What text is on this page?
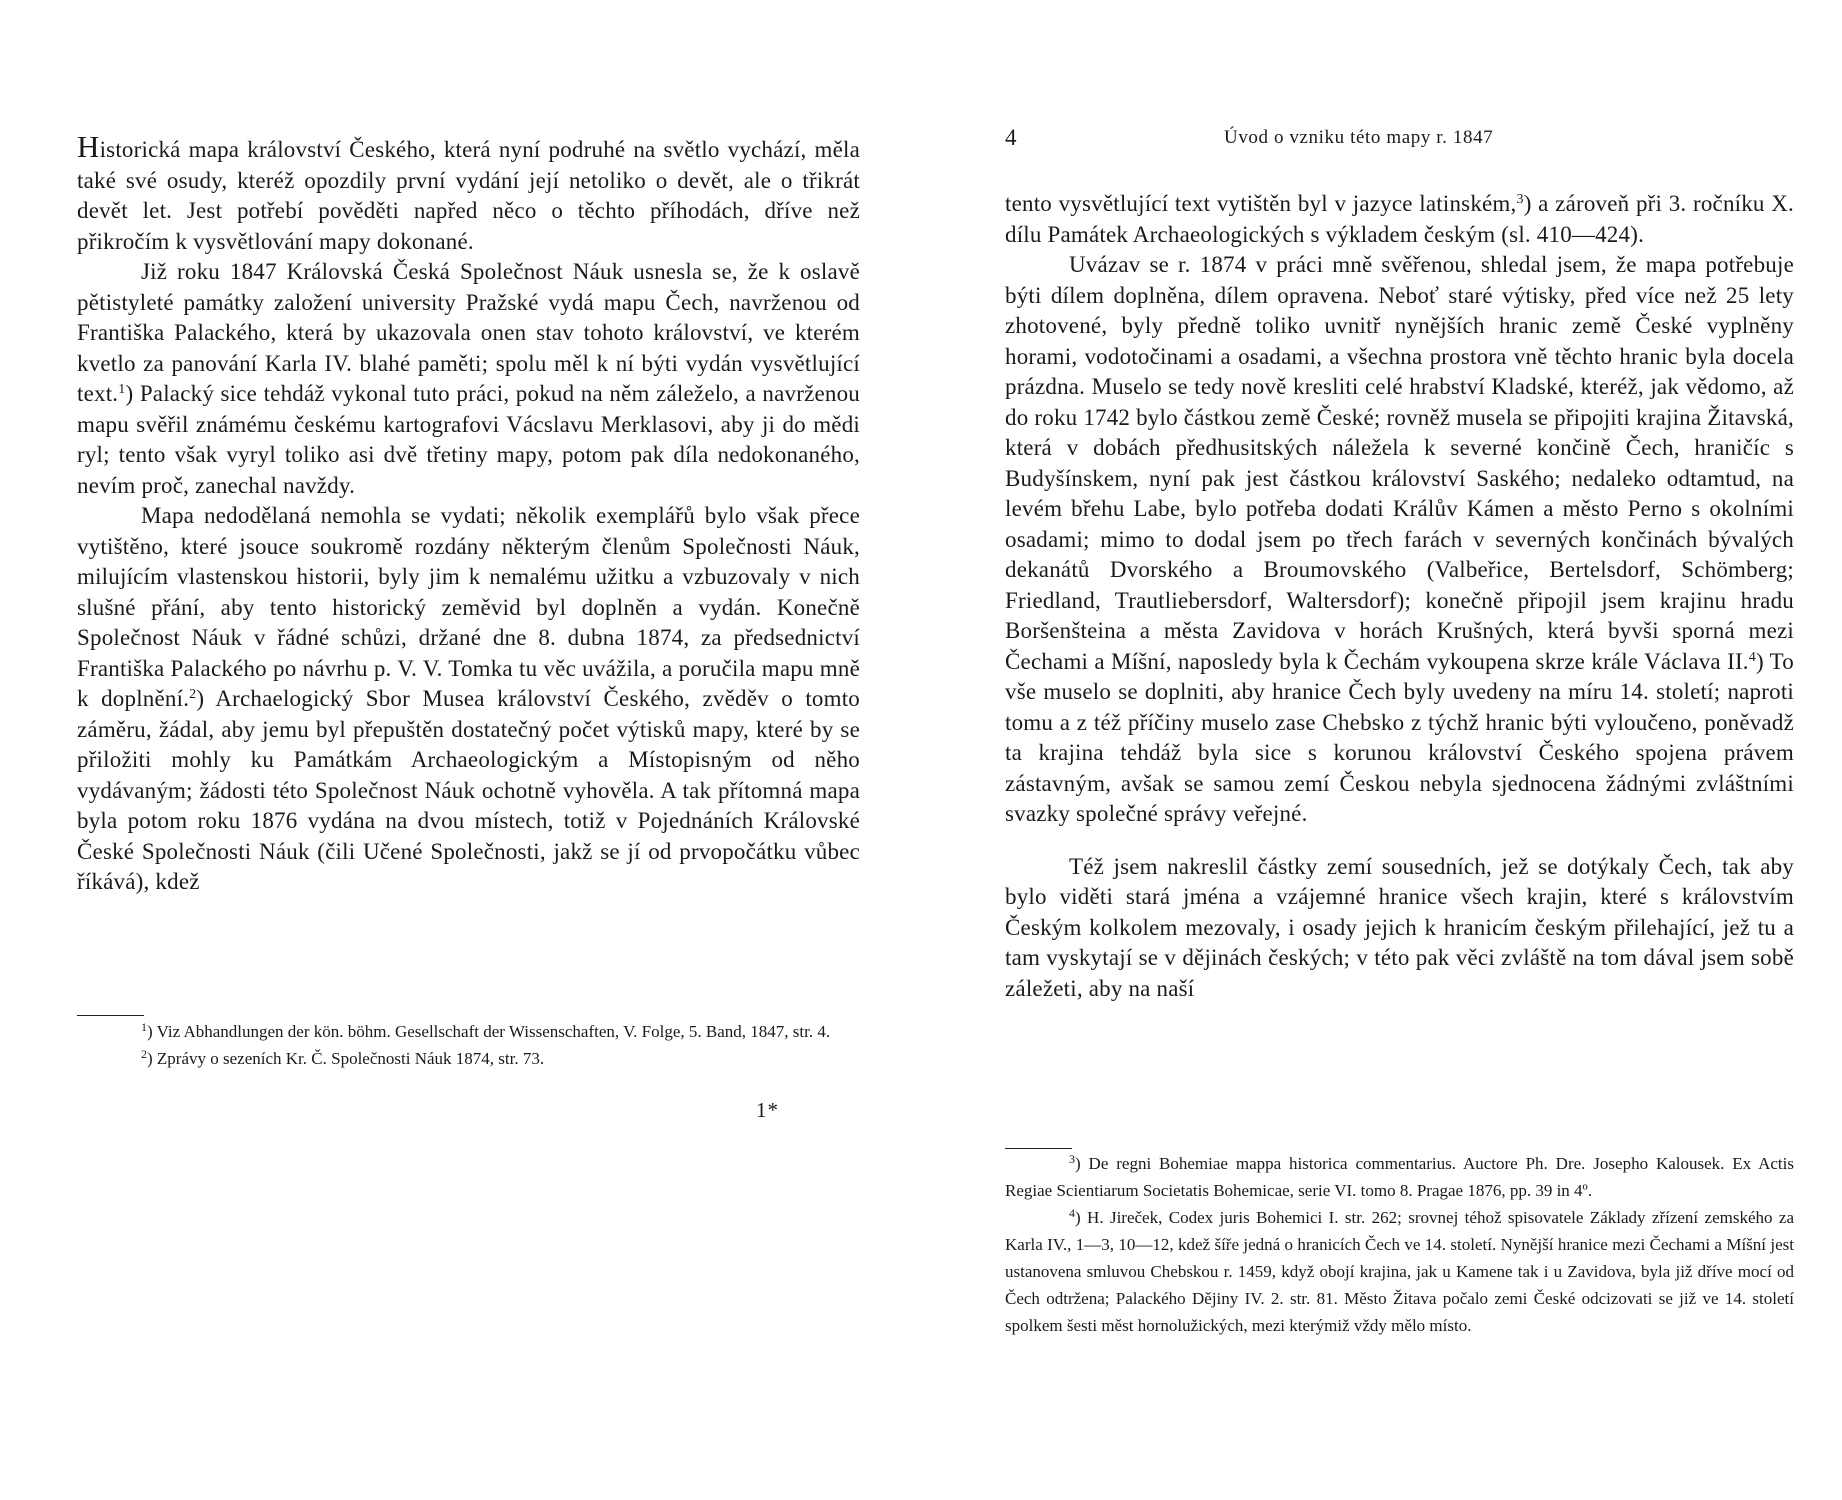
Historická mapa království Českého, která nyní podruhé na světlo vychází, měla také své osudy, kteréž opozdily první vydání její netoliko o devět, ale o třikrát devět let. Jest potřebí pověděti napřed něco o těchto příhodách, dříve než přikročím k vysvětlování mapy dokonané.

Již roku 1847 Královská Česká Společnost Náuk usnesla se, že k oslavě pětistyleté památky založení university Pražské vydá mapu Čech, navrženou od Františka Palackého, která by ukazovala onen stav tohoto království, ve kterém kvetlo za panování Karla IV. blahé paměti; spolu měl k ní býti vydán vysvětlující text.$^1$) Palacký sice tehdáž vykonal tuto práci, pokud na něm záleželo, a navrženou mapu svěřil známému českému kartografovi Vácslavu Merklasovi, aby ji do mědi ryl; tento však vyryl toliko asi dvě třetiny mapy, potom pak díla nedokonaného, nevím proč, zanechal navždy.

Mapa nedodělaná nemohla se vydati; několik exemplářů bylo však přece vytištěno, které jsouce soukromě rozdány některým členům Společnosti Náuk, milujícím vlastenskou historii, byly jim k nemalému užitku a vzbuzovaly v nich slušné přání, aby tento historický zeměvid byl doplněn a vydán. Konečně Společnost Náuk v řádné schůzi, držané dne 8. dubna 1874, za předsednictví Františka Palackého po návrhu p. V. V. Tomka tu věc uvážila, a poručila mapu mně k doplnění.$^2$) Archaelogický Sbor Musea království Českého, zvěděv o tomto záměru, žádal, aby jemu byl přepuštěn dostatečný počet výtisků mapy, které by se přiložiti mohly ku Památkám Archaeologickým a Místopisným od něho vydávaným; žádosti této Společnost Náuk ochotně vyhověla. A tak přítomná mapa byla potom roku 1876 vydána na dvou místech, totiž v Pojednáních Královské České Společnosti Náuk (čili Učené Společnosti, jakž se jí od prvopočátku vůbec říkává), kdež

$^1$) Viz Abhandlungen der kön. böhm. Gesellschaft der Wissenschaften, V. Folge, 5. Band, 1847, str. 4.

$^2$) Zprávy o sezeních Kr. Č. Společnosti Náuk 1874, str. 73.

1*
4	Úvod o vzniku této mapy r. 1847

tento vysvětlující text vytištěn byl v jazyce latinském,$^3$) a zároveň při 3. ročníku X. dílu Památek Archaeologických s výkladem českým (sl. 410—424).

Uvázav se r. 1874 v práci mně svěřenou, shledal jsem, že mapa potřebuje býti dílem doplněna, dílem opravena. Neboť staré výtisky, před více než 25 lety zhotovené, byly předně toliko uvnitř nynějších hranic země České vyplněny horami, vodotočinami a osadami, a všechna prostora vně těchto hranic byla docela prázdna. Muselo se tedy nově kresliti celé hrabství Kladské, kteréž, jak vědomo, až do roku 1742 bylo částkou země České; rovněž musela se připojiti krajina Žitavská, která v dobách předhusitských náležela k severné končině Čech, hraničíc s Budyšínskem, nyní pak jest částkou království Saského; nedaleko odtamtud, na levém břehu Labe, bylo potřeba dodati Králův Kámen a město Perno s okolními osadami; mimo to dodal jsem po třech farách v severných končinách bývalých dekanátů Dvorského a Broumovského (Valbeřice, Bertelsdorf, Schömberg; Friedland, Trautliebersdorf, Waltersdorf); konečně připojil jsem krajinu hradu Boršenšteina a města Zavidova v horách Krušných, která byvši sporná mezi Čechami a Míšní, naposledy byla k Čechám vykoupena skrze krále Václava II.$^4$) To vše muselo se doplniti, aby hranice Čech byly uvedeny na míru 14. století; naproti tomu a z též příčiny muselo zase Chebsko z týchž hranic býti vyloučeno, poněvadž ta krajina tehdáž byla sice s korunou království Českého spojena právem zástavným, avšak se samou zemí Českou nebyla sjednocena žádnými zvláštními svazky společné správy veřejné.

Též jsem nakreslil částky zemí sousedních, jež se dotýkaly Čech, tak aby bylo viděti stará jména a vzájemné hranice všech krajin, které s královstvím Českým kolkolem mezovaly, i osady jejich k hranicím českým přilehající, jež tu a tam vyskytají se v dějinách českých; v této pak věci zvláště na tom dával jsem sobě záležeti, aby na naší

$^3$) De regni Bohemiae mappa historica commentarius. Auctore Ph. Dre. Josepho Kalousek. Ex Actis Regiae Scientiarum Societatis Bohemicae, serie VI. tomo 8. Pragae 1876, pp. 39 in 4º.

$^4$) H. Jireček, Codex juris Bohemici I. str. 262; srovnej téhož spisovatele Základy zřízení zemského za Karla IV., 1—3, 10—12, kdež šíře jedná o hranicích Čech ve 14. století. Nynější hranice mezi Čechami a Míšní jest ustanovena smluvou Chebskou r. 1459, když obojí krajina, jak u Kamene tak i u Zavidova, byla již dříve mocí od Čech odtržena; Palackého Dějiny IV. 2. str. 81. Město Žitava počalo zemi České odcizovati se již ve 14. století spolkem šesti měst hornolužických, mezi kterýmiž vždy mělo místo.
